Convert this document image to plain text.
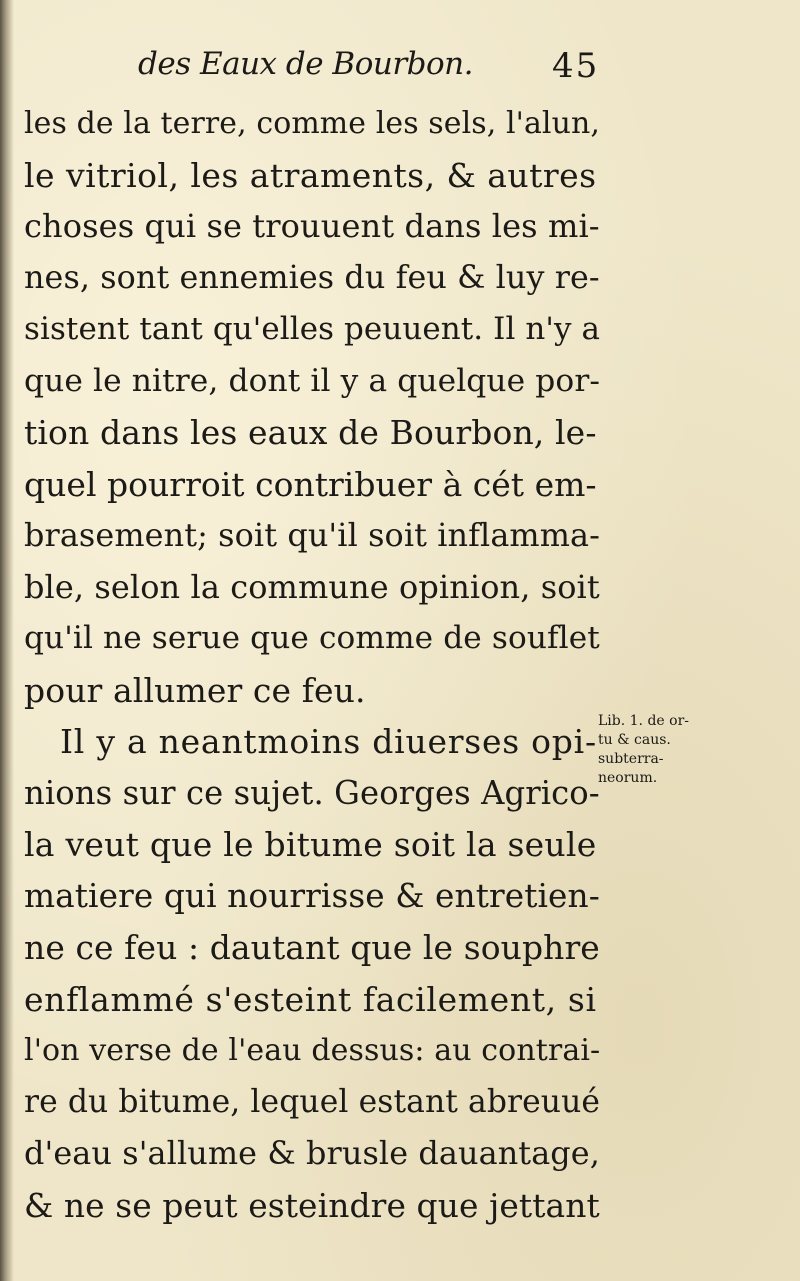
des Eaux de Bourbon. 45
les de la terre, comme les sels, l'alun,
le vitriol, les atraments, & autres
choses qui se trouuent dans les mi-
nes, sont ennemies du feu & luy re-
sistent tant qu'elles peuuent. Il n'y a
que le nitre, dont il y a quelque por-
tion dans les eaux de Bourbon, le-
quel pourroit contribuer à cét em-
brasement; soit qu'il soit inflamma-
ble, selon la commune opinion, soit
qu'il ne serue que comme de souflet
pour allumer ce feu.
Il y a neantmoins diuerses opi-
nions sur ce sujet. Georges Agrico-
la veut que le bitume soit la seule
matiere qui nourrisse & entretien-
ne ce feu : dautant que le souphre
enflammé s'esteint facilement, si
l'on verse de l'eau dessus: au contrai-
re du bitume, lequel estant abreuué
d'eau s'allume & brusle dauantage,
& ne se peut esteindre que jettant
Lib. 1. de or-
tu & caus.
subterra-
neorum.
